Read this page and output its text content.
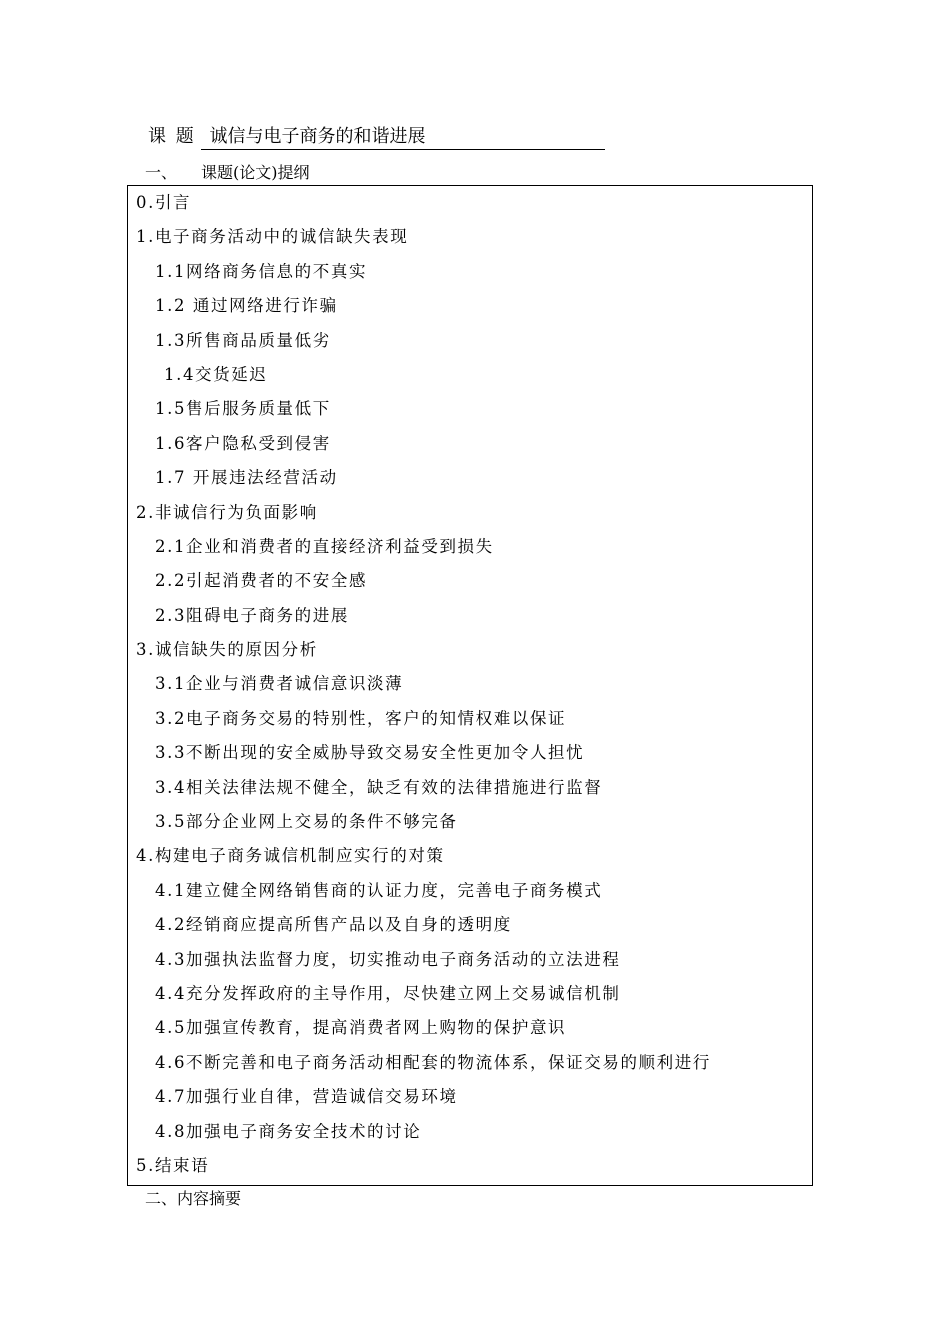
课 题 诚信与电子商务的和谐进展
一、 课题(论文)提纲
0.引言
1.电子商务活动中的诚信缺失表现
1.1网络商务信息的不真实
1.2 通过网络进行诈骗
1.3所售商品质量低劣
1.4交货延迟
1.5售后服务质量低下
1.6客户隐私受到侵害
1.7 开展违法经营活动
2.非诚信行为负面影响
2.1企业和消费者的直接经济利益受到损失
2.2引起消费者的不安全感
2.3阻碍电子商务的进展
3.诚信缺失的原因分析
3.1企业与消费者诚信意识淡薄
3.2电子商务交易的特别性，客户的知情权难以保证
3.3不断出现的安全威胁导致交易安全性更加令人担忧
3.4相关法律法规不健全，缺乏有效的法律措施进行监督
3.5部分企业网上交易的条件不够完备
4.构建电子商务诚信机制应实行的对策
4.1建立健全网络销售商的认证力度，完善电子商务模式
4.2经销商应提高所售产品以及自身的透明度
4.3加强执法监督力度，切实推动电子商务活动的立法进程
4.4充分发挥政府的主导作用，尽快建立网上交易诚信机制
4.5加强宣传教育，提高消费者网上购物的保护意识
4.6不断完善和电子商务活动相配套的物流体系，保证交易的顺利进行
4.7加强行业自律，营造诚信交易环境
4.8加强电子商务安全技术的讨论
5.结束语
二、内容摘要
